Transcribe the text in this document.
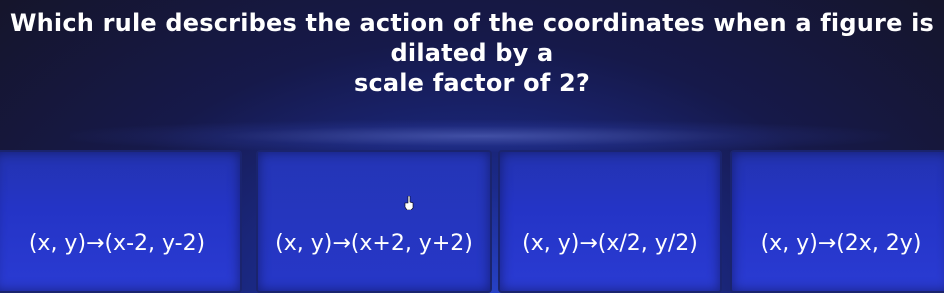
Which rule describes the action of the coordinates when a figure is dilated by a
scale factor of 2?
(x, y)→(x-2, y-2)	(x, y)→(x+2, y+2)	(x, y)→(x/2, y/2)	(x, y)→(2x, 2y)
